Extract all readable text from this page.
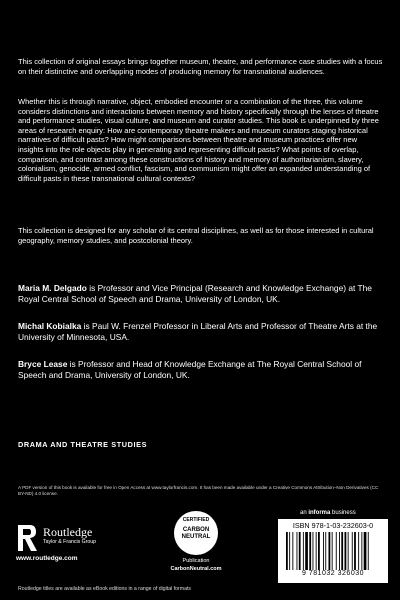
This collection of original essays brings together museum, theatre, and performance case studies with a focus on their distinctive and overlapping modes of producing memory for transnational audiences.

Whether this is through narrative, object, embodied encounter or a combination of the three, this volume considers distinctions and interactions between memory and history specifically through the lenses of theatre and performance studies, visual culture, and museum and curator studies. This book is underpinned by three areas of research enquiry: How are contemporary theatre makers and museum curators staging historical narratives of difficult pasts? How might comparisons between theatre and museum practices offer new insights into the role objects play in generating and representing difficult pasts? What points of overlap, comparison, and contrast among these constructions of history and memory of authoritarianism, slavery, colonialism, genocide, armed conflict, fascism, and communism might offer an expanded understanding of difficult pasts in these transnational cultural contexts?

This collection is designed for any scholar of its central disciplines, as well as for those interested in cultural geography, memory studies, and postcolonial theory.

Maria M. Delgado is Professor and Vice Principal (Research and Knowledge Exchange) at The Royal Central School of Speech and Drama, University of London, UK.
Michal Kobialka is Paul W. Frenzel Professor in Liberal Arts and Professor of Theatre Arts at the University of Minnesota, USA.
Bryce Lease is Professor and Head of Knowledge Exchange at The Royal Central School of Speech and Drama, University of London, UK.
DRAMA AND THEATRE STUDIES
A PDF version of this book is available for free in Open Access at www.taylorfrancis.com. It has been made available under a Creative Commons Attribution–Non Derivatives (CC BY-ND) 4.0 license.
Routledge
Taylor & Francis Group
www.routledge.com
CERTIFIED
CARBON
NEUTRAL
Publication
CarbonNeutral.com
an informa business
ISBN 978-1-03-232603-0
9 781032 326030
Routledge titles are available as eBook editions in a range of digital formats
